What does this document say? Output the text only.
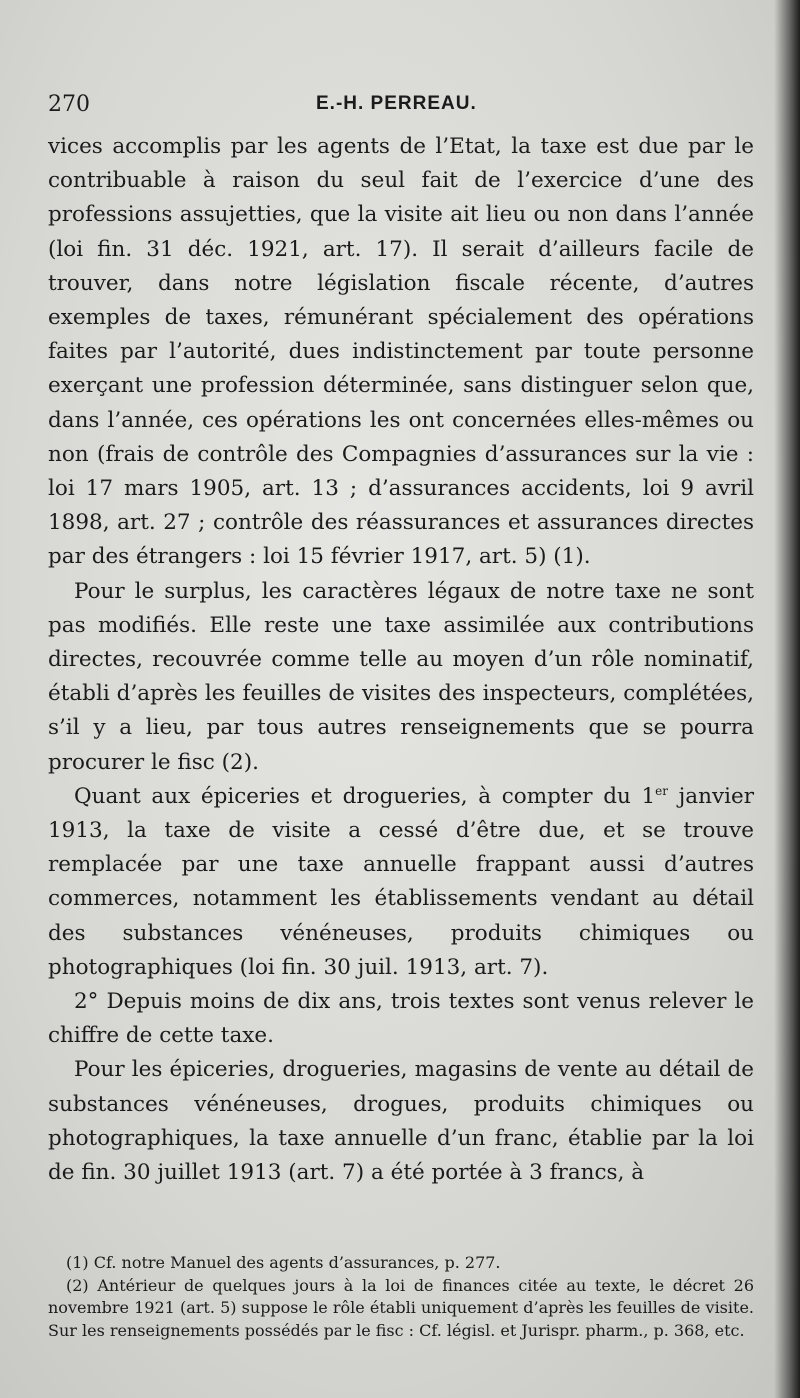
270	E.-H. PERREAU.

vices accomplis par les agents de l’Etat, la taxe est due par le contribuable à raison du seul fait de l’exercice d’une des professions assujetties, que la visite ait lieu ou non dans l’année (loi fin. 31 déc. 1921, art. 17). Il serait d’ailleurs facile de trouver, dans notre législation fiscale récente, d’autres exemples de taxes, rémunérant spécialement des opérations faites par l’autorité, dues indistinctement par toute personne exerçant une profession déterminée, sans distinguer selon que, dans l’année, ces opérations les ont concernées elles-mêmes ou non (frais de contrôle des Compagnies d’assurances sur la vie : loi 17 mars 1905, art. 13 ; d’assurances accidents, loi 9 avril 1898, art. 27 ; contrôle des réassurances et assurances directes par des étrangers : loi 15 février 1917, art. 5) (1).

Pour le surplus, les caractères légaux de notre taxe ne sont pas modifiés. Elle reste une taxe assimilée aux contributions directes, recouvrée comme telle au moyen d’un rôle nominatif, établi d’après les feuilles de visites des inspecteurs, complétées, s’il y a lieu, par tous autres renseignements que se pourra procurer le fisc (2).

Quant aux épiceries et drogueries, à compter du 1er janvier 1913, la taxe de visite a cessé d’être due, et se trouve remplacée par une taxe annuelle frappant aussi d’autres commerces, notamment les établissements vendant au détail des substances vénéneuses, produits chimiques ou photographiques (loi fin. 30 juil. 1913, art. 7).

2° Depuis moins de dix ans, trois textes sont venus relever le chiffre de cette taxe.

Pour les épiceries, drogueries, magasins de vente au détail de substances vénéneuses, drogues, produits chimiques ou photographiques, la taxe annuelle d’un franc, établie par la loi de fin. 30 juillet 1913 (art. 7) a été portée à 3 francs, à

(1) Cf. notre Manuel des agents d’assurances, p. 277.

(2) Antérieur de quelques jours à la loi de finances citée au texte, le décret 26 novembre 1921 (art. 5) suppose le rôle établi uniquement d’après les feuilles de visite. Sur les renseignements possédés par le fisc : Cf. législ. et Jurispr. pharm., p. 368, etc.
